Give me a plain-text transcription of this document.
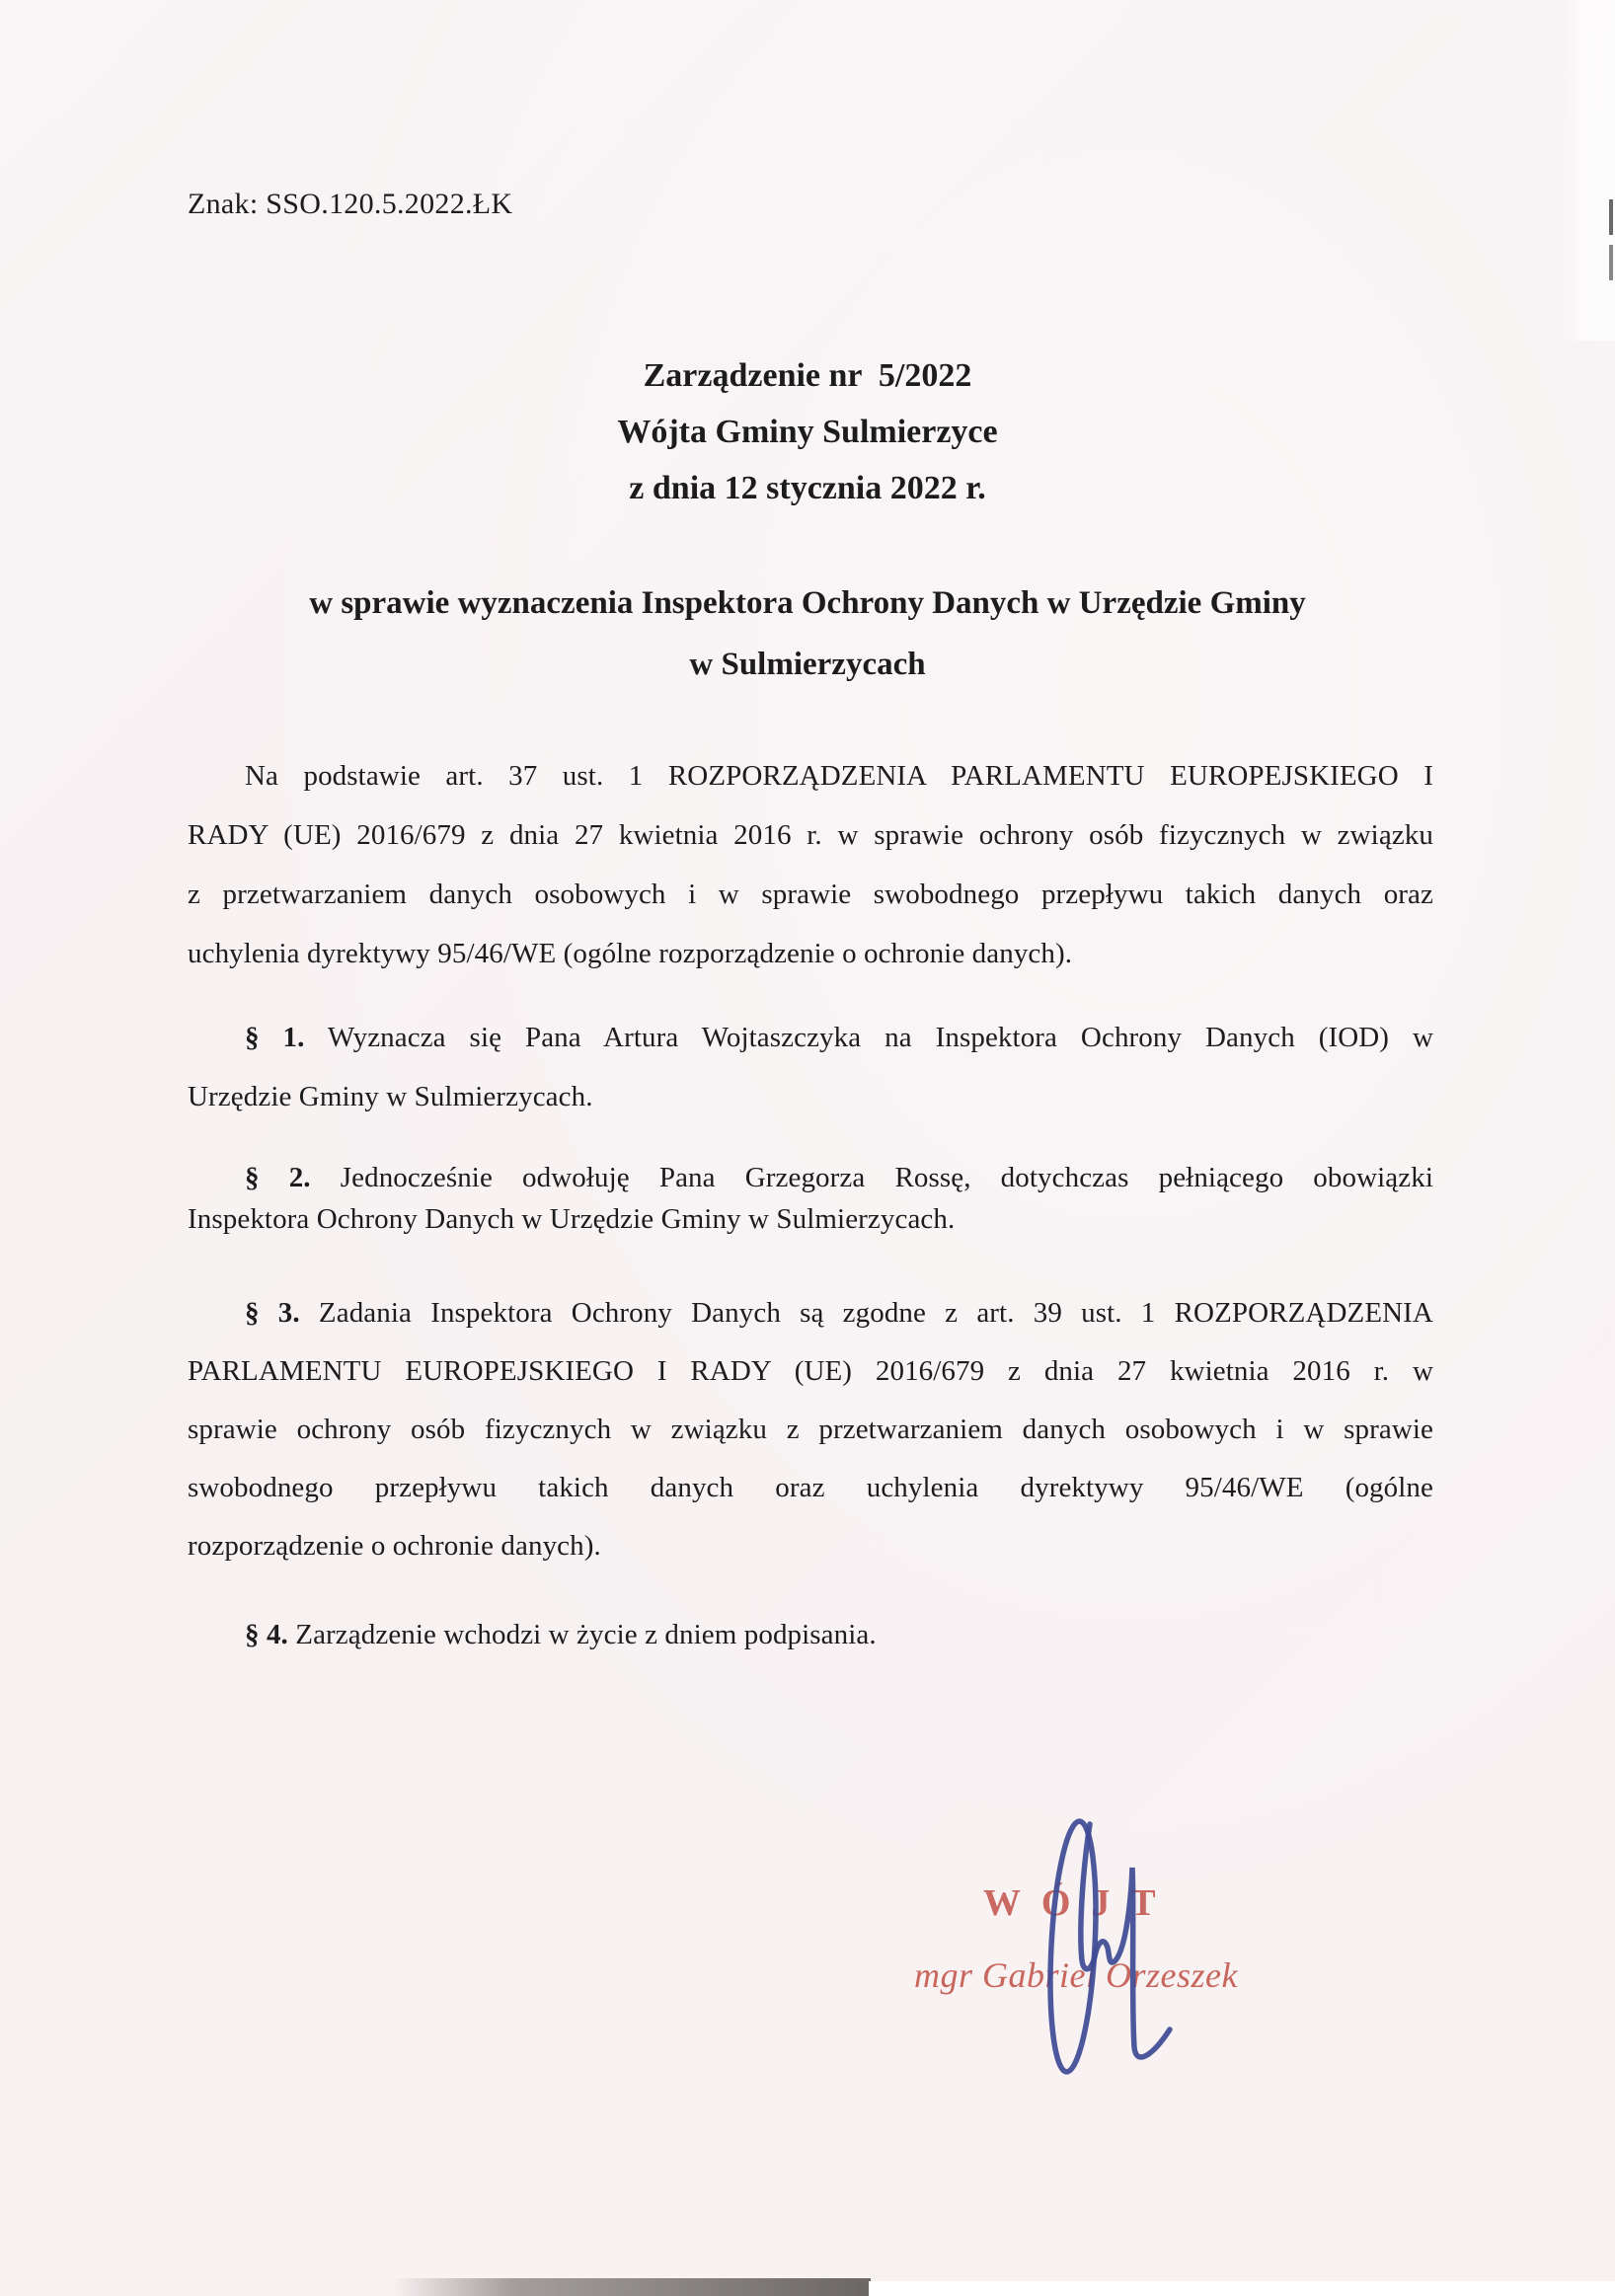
Znak: SSO.120.5.2022.ŁK
Zarządzenie nr  5/2022
Wójta Gminy Sulmierzyce
z dnia 12 stycznia 2022 r.
w sprawie wyznaczenia Inspektora Ochrony Danych w Urzędzie Gminy
w Sulmierzycach
Na podstawie art. 37 ust. 1 ROZPORZĄDZENIA PARLAMENTU EUROPEJSKIEGO I
RADY (UE) 2016/679 z dnia 27 kwietnia 2016 r. w sprawie ochrony osób fizycznych w związku
z przetwarzaniem danych osobowych i w sprawie swobodnego przepływu takich danych oraz
uchylenia dyrektywy 95/46/WE (ogólne rozporządzenie o ochronie danych).
§ 1. Wyznacza się Pana Artura Wojtaszczyka na Inspektora Ochrony Danych (IOD) w
Urzędzie Gminy w Sulmierzycach.
§ 2. Jednocześnie odwołuję Pana Grzegorza Rossę, dotychczas pełniącego obowiązki
Inspektora Ochrony Danych w Urzędzie Gminy w Sulmierzycach.
§ 3. Zadania Inspektora Ochrony Danych są zgodne z art. 39 ust. 1 ROZPORZĄDZENIA
PARLAMENTU EUROPEJSKIEGO I RADY (UE) 2016/679 z dnia 27 kwietnia 2016 r. w
sprawie ochrony osób fizycznych w związku z przetwarzaniem danych osobowych i w sprawie
swobodnego przepływu takich danych oraz uchylenia dyrektywy 95/46/WE (ogólne
rozporządzenie o ochronie danych).
§ 4. Zarządzenie wchodzi w życie z dniem podpisania.
WÓJT
mgr Gabriel Orzeszek
